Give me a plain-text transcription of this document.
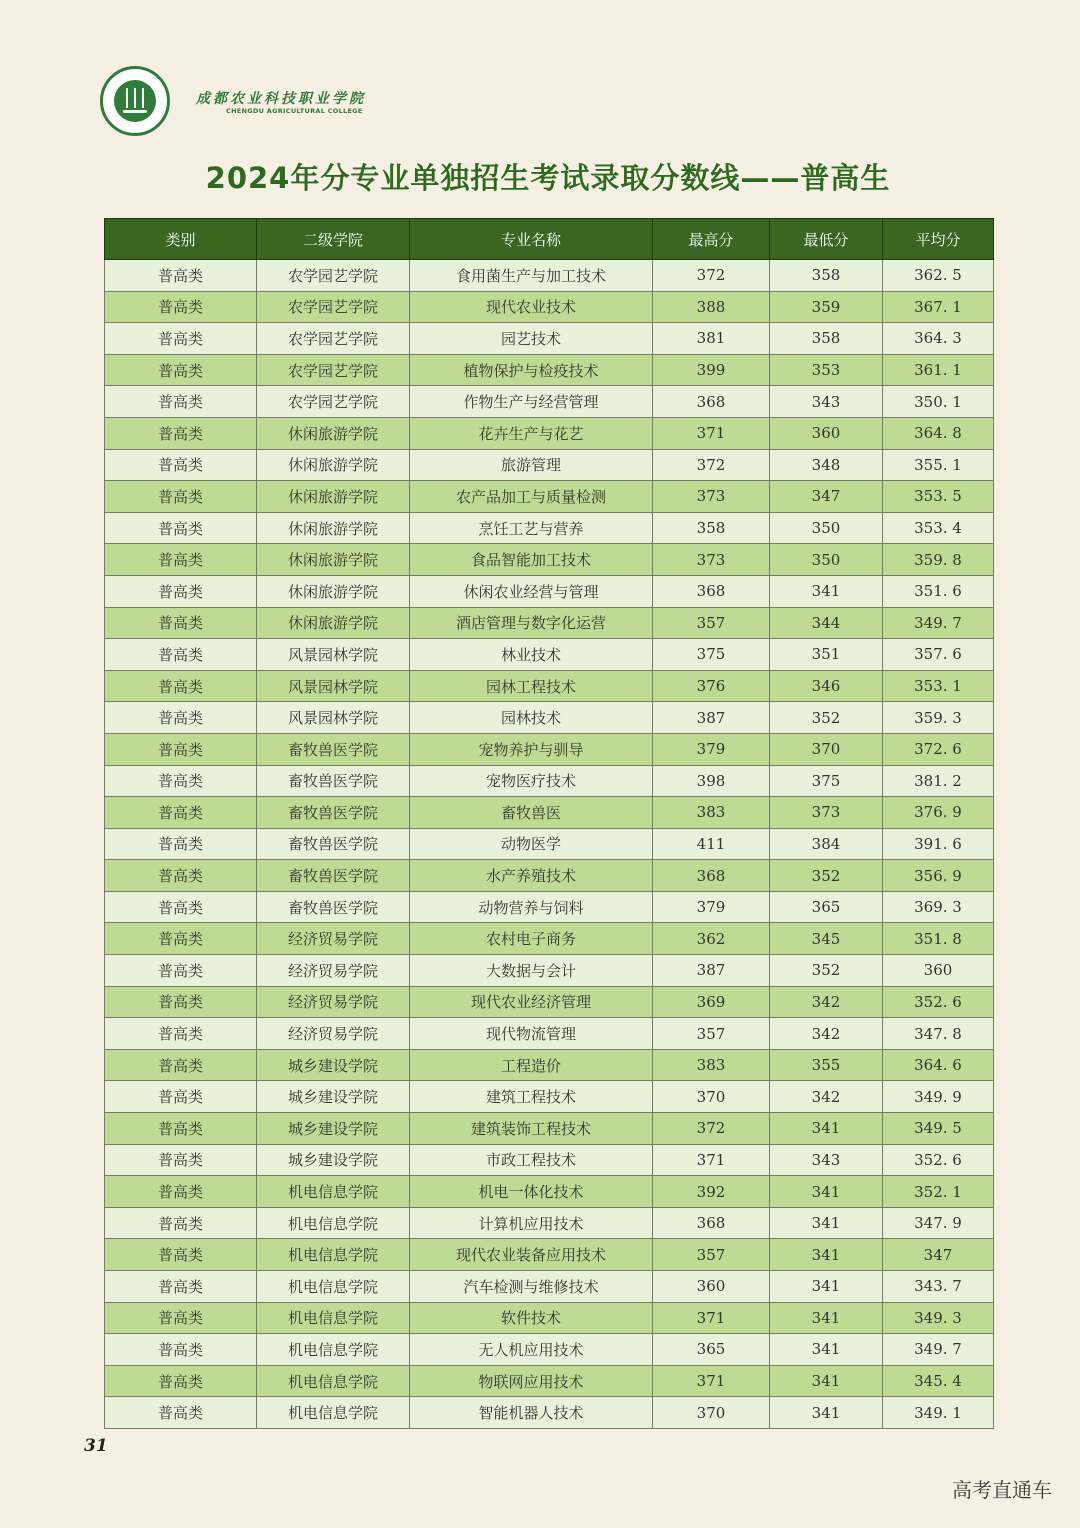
成都农业科技职业学院
CHENGDU AGRICULTURAL COLLEGE
2024年分专业单独招生考试录取分数线——普高生
类别	二级学院	专业名称	最高分	最低分	平均分
普高类	农学园艺学院	食用菌生产与加工技术	372	358	362. 5
普高类	农学园艺学院	现代农业技术	388	359	367. 1
普高类	农学园艺学院	园艺技术	381	358	364. 3
普高类	农学园艺学院	植物保护与检疫技术	399	353	361. 1
普高类	农学园艺学院	作物生产与经营管理	368	343	350. 1
普高类	休闲旅游学院	花卉生产与花艺	371	360	364. 8
普高类	休闲旅游学院	旅游管理	372	348	355. 1
普高类	休闲旅游学院	农产品加工与质量检测	373	347	353. 5
普高类	休闲旅游学院	烹饪工艺与营养	358	350	353. 4
普高类	休闲旅游学院	食品智能加工技术	373	350	359. 8
普高类	休闲旅游学院	休闲农业经营与管理	368	341	351. 6
普高类	休闲旅游学院	酒店管理与数字化运营	357	344	349. 7
普高类	风景园林学院	林业技术	375	351	357. 6
普高类	风景园林学院	园林工程技术	376	346	353. 1
普高类	风景园林学院	园林技术	387	352	359. 3
普高类	畜牧兽医学院	宠物养护与驯导	379	370	372. 6
普高类	畜牧兽医学院	宠物医疗技术	398	375	381. 2
普高类	畜牧兽医学院	畜牧兽医	383	373	376. 9
普高类	畜牧兽医学院	动物医学	411	384	391. 6
普高类	畜牧兽医学院	水产养殖技术	368	352	356. 9
普高类	畜牧兽医学院	动物营养与饲料	379	365	369. 3
普高类	经济贸易学院	农村电子商务	362	345	351. 8
普高类	经济贸易学院	大数据与会计	387	352	360
普高类	经济贸易学院	现代农业经济管理	369	342	352. 6
普高类	经济贸易学院	现代物流管理	357	342	347. 8
普高类	城乡建设学院	工程造价	383	355	364. 6
普高类	城乡建设学院	建筑工程技术	370	342	349. 9
普高类	城乡建设学院	建筑装饰工程技术	372	341	349. 5
普高类	城乡建设学院	市政工程技术	371	343	352. 6
普高类	机电信息学院	机电一体化技术	392	341	352. 1
普高类	机电信息学院	计算机应用技术	368	341	347. 9
普高类	机电信息学院	现代农业装备应用技术	357	341	347
普高类	机电信息学院	汽车检测与维修技术	360	341	343. 7
普高类	机电信息学院	软件技术	371	341	349. 3
普高类	机电信息学院	无人机应用技术	365	341	349. 7
普高类	机电信息学院	物联网应用技术	371	341	345. 4
普高类	机电信息学院	智能机器人技术	370	341	349. 1
31
高考直通车
